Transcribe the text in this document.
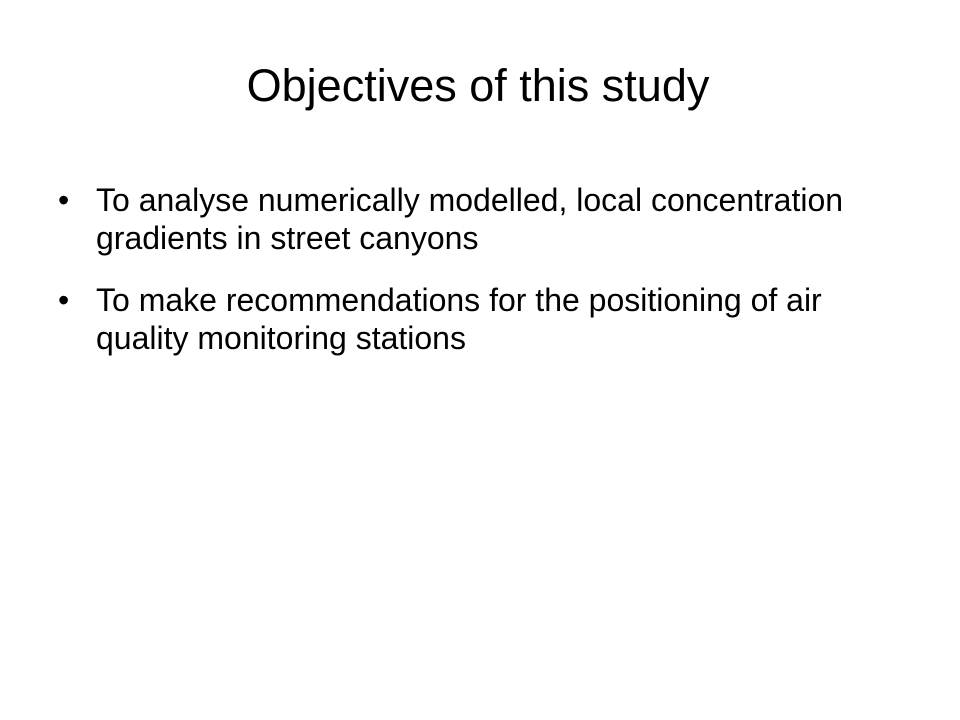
Objectives of this study
• To analyse numerically modelled, local concentration gradients in street canyons
• To make recommendations for the positioning of air quality monitoring stations
